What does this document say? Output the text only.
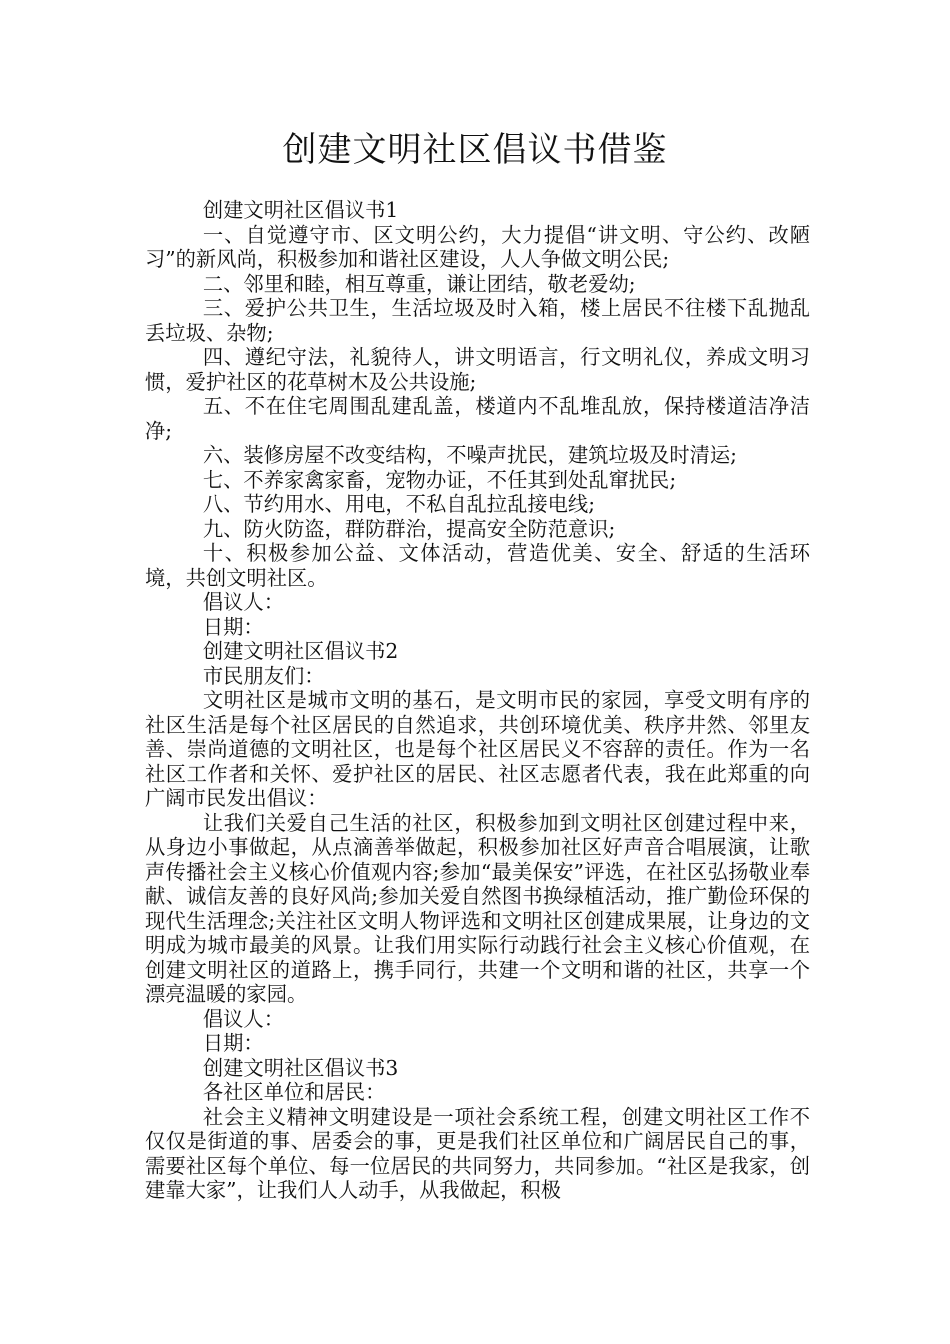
创建文明社区倡议书借鉴

创建文明社区倡议书1

一、自觉遵守市、区文明公约，大力提倡“讲文明、守公约、改陋习”的新风尚，积极参加和谐社区建设，人人争做文明公民;

二、邻里和睦，相互尊重，谦让团结，敬老爱幼;

三、爱护公共卫生，生活垃圾及时入箱，楼上居民不往楼下乱抛乱丢垃圾、杂物;

四、遵纪守法，礼貌待人，讲文明语言，行文明礼仪，养成文明习惯，爱护社区的花草树木及公共设施;

五、不在住宅周围乱建乱盖，楼道内不乱堆乱放，保持楼道洁净洁净;

六、装修房屋不改变结构，不噪声扰民，建筑垃圾及时清运;

七、不养家禽家畜，宠物办证，不任其到处乱窜扰民;

八、节约用水、用电，不私自乱拉乱接电线;

九、防火防盗，群防群治，提高安全防范意识;

十、积极参加公益、文体活动，营造优美、安全、舒适的生活环境，共创文明社区。

倡议人：

日期：

创建文明社区倡议书2

市民朋友们：

文明社区是城市文明的基石，是文明市民的家园，享受文明有序的社区生活是每个社区居民的自然追求，共创环境优美、秩序井然、邻里友善、崇尚道德的文明社区，也是每个社区居民义不容辞的责任。作为一名社区工作者和关怀、爱护社区的居民、社区志愿者代表，我在此郑重的向广阔市民发出倡议：

让我们关爱自己生活的社区，积极参加到文明社区创建过程中来，从身边小事做起，从点滴善举做起，积极参加社区好声音合唱展演，让歌声传播社会主义核心价值观内容;参加“最美保安”评选，在社区弘扬敬业奉献、诚信友善的良好风尚;参加关爱自然图书换绿植活动，推广勤俭环保的现代生活理念;关注社区文明人物评选和文明社区创建成果展，让身边的文明成为城市最美的风景。让我们用实际行动践行社会主义核心价值观，在创建文明社区的道路上，携手同行，共建一个文明和谐的社区，共享一个漂亮温暖的家园。

倡议人：

日期：

创建文明社区倡议书3

各社区单位和居民：

社会主义精神文明建设是一项社会系统工程，创建文明社区工作不仅仅是街道的事、居委会的事，更是我们社区单位和广阔居民自己的事，需要社区每个单位、每一位居民的共同努力，共同参加。“社区是我家，创建靠大家”，让我们人人动手，从我做起，积极
